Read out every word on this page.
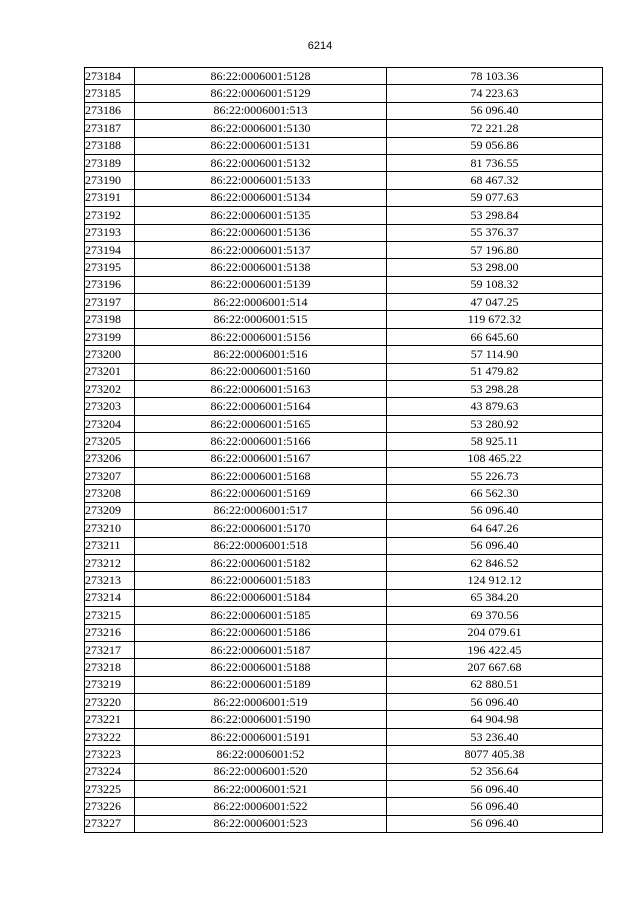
6214
273184	86:22:0006001:5128	78 103.36
273185	86:22:0006001:5129	74 223.63
273186	86:22:0006001:513	56 096.40
273187	86:22:0006001:5130	72 221.28
273188	86:22:0006001:5131	59 056.86
273189	86:22:0006001:5132	81 736.55
273190	86:22:0006001:5133	68 467.32
273191	86:22:0006001:5134	59 077.63
273192	86:22:0006001:5135	53 298.84
273193	86:22:0006001:5136	55 376.37
273194	86:22:0006001:5137	57 196.80
273195	86:22:0006001:5138	53 298.00
273196	86:22:0006001:5139	59 108.32
273197	86:22:0006001:514	47 047.25
273198	86:22:0006001:515	119 672.32
273199	86:22:0006001:5156	66 645.60
273200	86:22:0006001:516	57 114.90
273201	86:22:0006001:5160	51 479.82
273202	86:22:0006001:5163	53 298.28
273203	86:22:0006001:5164	43 879.63
273204	86:22:0006001:5165	53 280.92
273205	86:22:0006001:5166	58 925.11
273206	86:22:0006001:5167	108 465.22
273207	86:22:0006001:5168	55 226.73
273208	86:22:0006001:5169	66 562.30
273209	86:22:0006001:517	56 096.40
273210	86:22:0006001:5170	64 647.26
273211	86:22:0006001:518	56 096.40
273212	86:22:0006001:5182	62 846.52
273213	86:22:0006001:5183	124 912.12
273214	86:22:0006001:5184	65 384.20
273215	86:22:0006001:5185	69 370.56
273216	86:22:0006001:5186	204 079.61
273217	86:22:0006001:5187	196 422.45
273218	86:22:0006001:5188	207 667.68
273219	86:22:0006001:5189	62 880.51
273220	86:22:0006001:519	56 096.40
273221	86:22:0006001:5190	64 904.98
273222	86:22:0006001:5191	53 236.40
273223	86:22:0006001:52	8077 405.38
273224	86:22:0006001:520	52 356.64
273225	86:22:0006001:521	56 096.40
273226	86:22:0006001:522	56 096.40
273227	86:22:0006001:523	56 096.40
